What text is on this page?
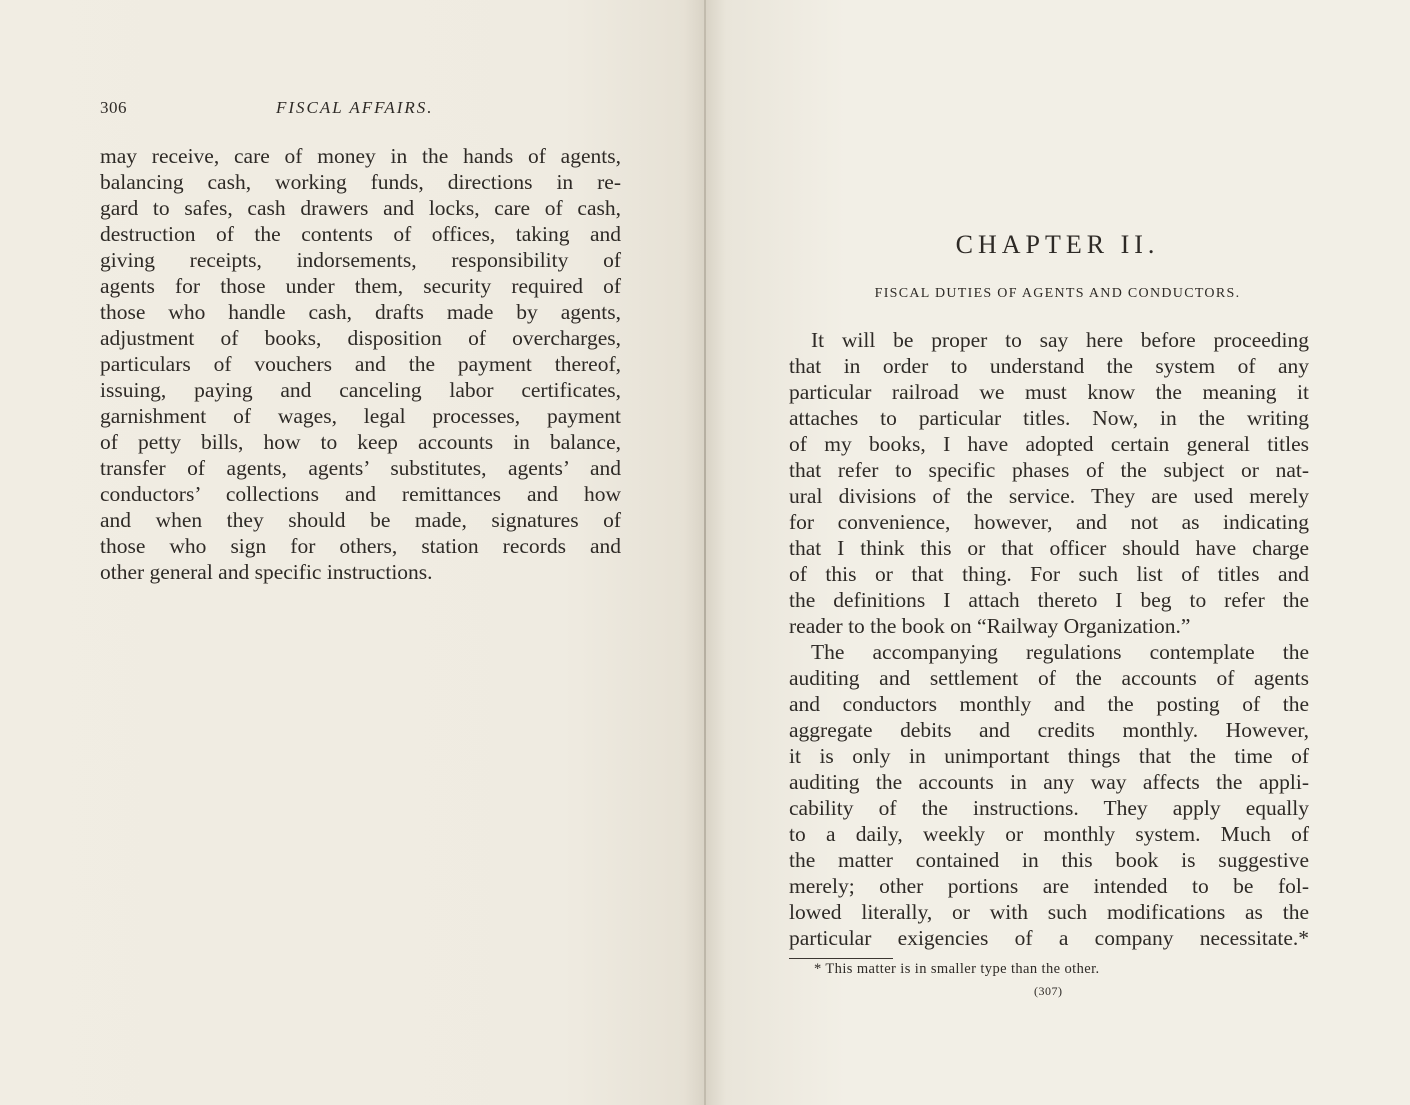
306	FISCAL AFFAIRS.
may receive, care of money in the hands of agents,
balancing cash, working funds, directions in re-
gard to safes, cash drawers and locks, care of cash,
destruction of the contents of offices, taking and
giving receipts, indorsements, responsibility of
agents for those under them, security required of
those who handle cash, drafts made by agents,
adjustment of books, disposition of overcharges,
particulars of vouchers and the payment thereof,
issuing, paying and canceling labor certificates,
garnishment of wages, legal processes, payment
of petty bills, how to keep accounts in balance,
transfer of agents, agents’ substitutes, agents’ and
conductors’ collections and remittances and how
and when they should be made, signatures of
those who sign for others, station records and
other general and specific instructions.
CHAPTER II.
FISCAL DUTIES OF AGENTS AND CONDUCTORS.
It will be proper to say here before proceeding
that in order to understand the system of any
particular railroad we must know the meaning it
attaches to particular titles. Now, in the writing
of my books, I have adopted certain general titles
that refer to specific phases of the subject or nat-
ural divisions of the service. They are used merely
for convenience, however, and not as indicating
that I think this or that officer should have charge
of this or that thing. For such list of titles and
the definitions I attach thereto I beg to refer the
reader to the book on “Railway Organization.”
The accompanying regulations contemplate the
auditing and settlement of the accounts of agents
and conductors monthly and the posting of the
aggregate debits and credits monthly. However,
it is only in unimportant things that the time of
auditing the accounts in any way affects the appli-
cability of the instructions. They apply equally
to a daily, weekly or monthly system. Much of
the matter contained in this book is suggestive
merely; other portions are intended to be fol-
lowed literally, or with such modifications as the
particular exigencies of a company necessitate.*
* This matter is in smaller type than the other.
(307)
